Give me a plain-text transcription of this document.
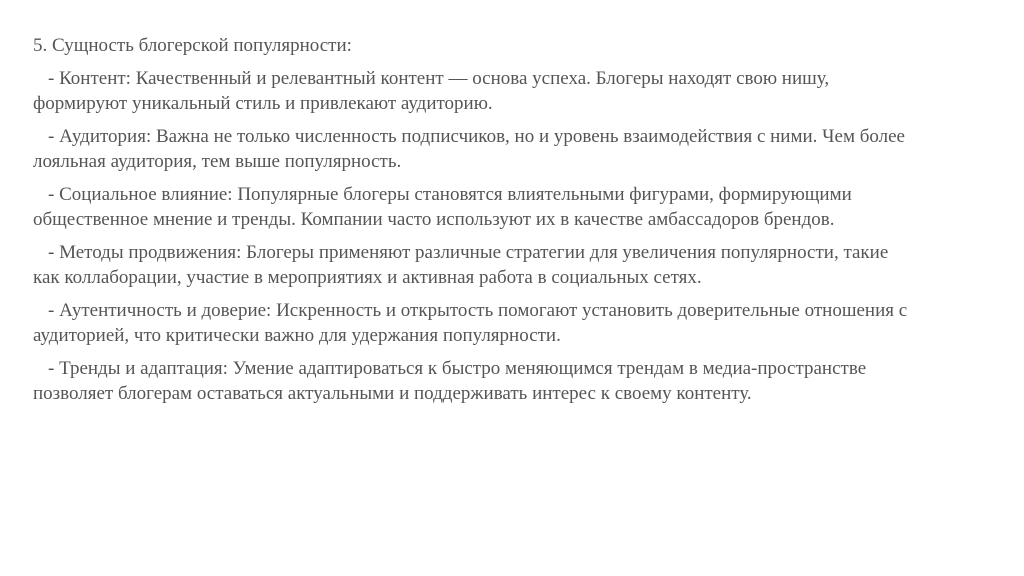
5. Сущность блогерской популярности:
- Контент: Качественный и релевантный контент — основа успеха. Блогеры находят свою нишу, формируют уникальный стиль и привлекают аудиторию.
- Аудитория: Важна не только численность подписчиков, но и уровень взаимодействия с ними. Чем более лояльная аудитория, тем выше популярность.
- Социальное влияние: Популярные блогеры становятся влиятельными фигурами, формирующими общественное мнение и тренды. Компании часто используют их в качестве амбассадоров брендов.
- Методы продвижения: Блогеры применяют различные стратегии для увеличения популярности, такие как коллаборации, участие в мероприятиях и активная работа в социальных сетях.
- Аутентичность и доверие: Искренность и открытость помогают установить доверительные отношения с аудиторией, что критически важно для удержания популярности.
- Тренды и адаптация: Умение адаптироваться к быстро меняющимся трендам в медиа-пространстве позволяет блогерам оставаться актуальными и поддерживать интерес к своему контенту.
